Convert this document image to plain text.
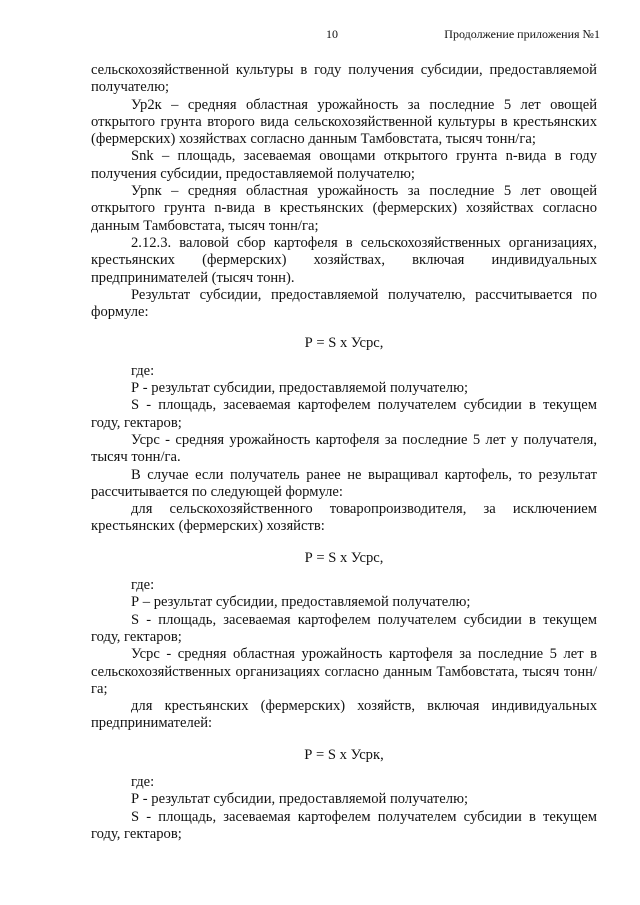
10	Продолжение приложения №1

сельскохозяйственной культуры в году получения субсидии, предоставляемой получателю;

Ур2к – средняя областная урожайность за последние 5 лет овощей открытого грунта второго вида сельскохозяйственной культуры в крестьянских (фермерских) хозяйствах согласно данным Тамбовстата, тысяч тонн/га;

Snk – площадь, засеваемая овощами открытого грунта n-вида в году получения субсидии, предоставляемой получателю;

Урnк – средняя областная урожайность за последние 5 лет овощей открытого грунта n-вида в крестьянских (фермерских) хозяйствах согласно данным Тамбовстата, тысяч тонн/га;

2.12.3. валовой сбор картофеля в сельскохозяйственных организациях, крестьянских (фермерских) хозяйствах, включая индивидуальных предпринимателей (тысяч тонн).

Результат субсидии, предоставляемой получателю, рассчитывается по формуле:

Р = S х Усрс,

где:

Р - результат субсидии, предоставляемой получателю;

S - площадь, засеваемая картофелем получателем субсидии в текущем году, гектаров;

Усрс - средняя урожайность картофеля за последние 5 лет у получателя, тысяч тонн/га.

В случае если получатель ранее не выращивал картофель, то результат рассчитывается по следующей формуле:

для сельскохозяйственного товаропроизводителя, за исключением крестьянских (фермерских) хозяйств:

Р = S х Усрс,

где:

Р – результат субсидии, предоставляемой получателю;

S - площадь, засеваемая картофелем получателем субсидии в текущем году, гектаров;

Усрс - средняя областная урожайность картофеля за последние 5 лет в сельскохозяйственных организациях согласно данным Тамбовстата, тысяч тонн/га;

для крестьянских (фермерских) хозяйств, включая индивидуальных предпринимателей:

Р = S х Усрк,

где:

Р - результат субсидии, предоставляемой получателю;

S - площадь, засеваемая картофелем получателем субсидии в текущем году, гектаров;
